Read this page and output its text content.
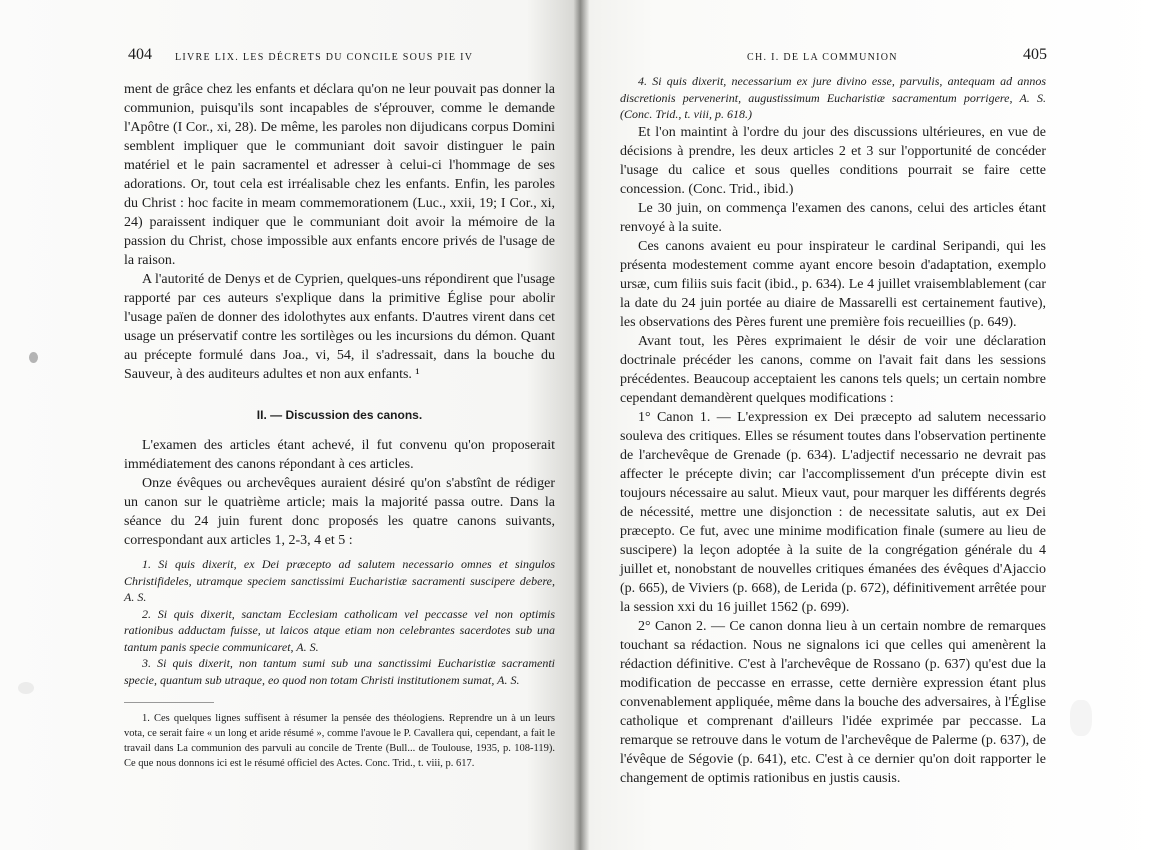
404 LIVRE LIX. LES DÉCRETS DU CONCILE SOUS PIE IV

ment de grâce chez les enfants et déclara qu'on ne leur pouvait pas donner la communion, puisqu'ils sont incapables de s'éprouver, comme le demande l'Apôtre (I Cor., xi, 28). De même, les paroles non dijudicans corpus Domini semblent impliquer que le communiant doit savoir distinguer le pain matériel et le pain sacramentel et adresser à celui-ci l'hommage de ses adorations. Or, tout cela est irréalisable chez les enfants. Enfin, les paroles du Christ : hoc facite in meam commemorationem (Luc., xxii, 19; I Cor., xi, 24) paraissent indiquer que le communiant doit avoir la mémoire de la passion du Christ, chose impossible aux enfants encore privés de l'usage de la raison.

A l'autorité de Denys et de Cyprien, quelques-uns répondirent que l'usage rapporté par ces auteurs s'explique dans la primitive Église pour abolir l'usage païen de donner des idolothytes aux enfants. D'autres virent dans cet usage un préservatif contre les sortilèges ou les incursions du démon. Quant au précepte formulé dans Joa., vi, 54, il s'adressait, dans la bouche du Sauveur, à des auditeurs adultes et non aux enfants. ¹

II. — Discussion des canons.

L'examen des articles étant achevé, il fut convenu qu'on proposerait immédiatement des canons répondant à ces articles.

Onze évêques ou archevêques auraient désiré qu'on s'abstînt de rédiger un canon sur le quatrième article; mais la majorité passa outre. Dans la séance du 24 juin furent donc proposés les quatre canons suivants, correspondant aux articles 1, 2-3, 4 et 5 :

1. Si quis dixerit, ex Dei præcepto ad salutem necessario omnes et singulos Christifideles, utramque speciem sanctissimi Eucharistiæ sacramenti suscipere debere, A. S.

2. Si quis dixerit, sanctam Ecclesiam catholicam vel peccasse vel non optimis rationibus adductam fuisse, ut laicos atque etiam non celebrantes sacerdotes sub una tantum panis specie communicaret, A. S.

3. Si quis dixerit, non tantum sumi sub una sanctissimi Eucharistiæ sacramenti specie, quantum sub utraque, eo quod non totam Christi institutionem sumat, A. S.

1. Ces quelques lignes suffisent à résumer la pensée des théologiens. Reprendre un à un leurs vota, ce serait faire « un long et aride résumé », comme l'avoue le P. Cavallera qui, cependant, a fait le travail dans La communion des parvuli au concile de Trente (Bull... de Toulouse, 1935, p. 108-119). Ce que nous donnons ici est le résumé officiel des Actes. Conc. Trid., t. viii, p. 617.

CH. I. DE LA COMMUNION	405

4. Si quis dixerit, necessarium ex jure divino esse, parvulis, antequam ad annos discretionis pervenerint, augustissimum Eucharistiæ sacramentum porrigere, A. S. (Conc. Trid., t. viii, p. 618.)

Et l'on maintint à l'ordre du jour des discussions ultérieures, en vue de décisions à prendre, les deux articles 2 et 3 sur l'opportunité de concéder l'usage du calice et sous quelles conditions pourrait se faire cette concession. (Conc. Trid., ibid.)

Le 30 juin, on commença l'examen des canons, celui des articles étant renvoyé à la suite.

Ces canons avaient eu pour inspirateur le cardinal Seripandi, qui les présenta modestement comme ayant encore besoin d'adaptation, exemplo ursæ, cum filiis suis facit (ibid., p. 634). Le 4 juillet vraisemblablement (car la date du 24 juin portée au diaire de Massarelli est certainement fautive), les observations des Pères furent une première fois recueillies (p. 649).

Avant tout, les Pères exprimaient le désir de voir une déclaration doctrinale précéder les canons, comme on l'avait fait dans les sessions précédentes. Beaucoup acceptaient les canons tels quels; un certain nombre cependant demandèrent quelques modifications :

1° Canon 1. — L'expression ex Dei præcepto ad salutem necessario souleva des critiques. Elles se résument toutes dans l'observation pertinente de l'archevêque de Grenade (p. 634). L'adjectif necessario ne devrait pas affecter le précepte divin; car l'accomplissement d'un précepte divin est toujours nécessaire au salut. Mieux vaut, pour marquer les différents degrés de nécessité, mettre une disjonction : de necessitate salutis, aut ex Dei præcepto. Ce fut, avec une minime modification finale (sumere au lieu de suscipere) la leçon adoptée à la suite de la congrégation générale du 4 juillet et, nonobstant de nouvelles critiques émanées des évêques d'Ajaccio (p. 665), de Viviers (p. 668), de Lerida (p. 672), définitivement arrêtée pour la session xxi du 16 juillet 1562 (p. 699).

2° Canon 2. — Ce canon donna lieu à un certain nombre de remarques touchant sa rédaction. Nous ne signalons ici que celles qui amenèrent la rédaction définitive. C'est à l'archevêque de Rossano (p. 637) qu'est due la modification de peccasse en errasse, cette dernière expression étant plus convenablement appliquée, même dans la bouche des adversaires, à l'Église catholique et comprenant d'ailleurs l'idée exprimée par peccasse. La remarque se retrouve dans le votum de l'archevêque de Palerme (p. 637), de l'évêque de Ségovie (p. 641), etc. C'est à ce dernier qu'on doit rapporter le changement de optimis rationibus en justis causis.
